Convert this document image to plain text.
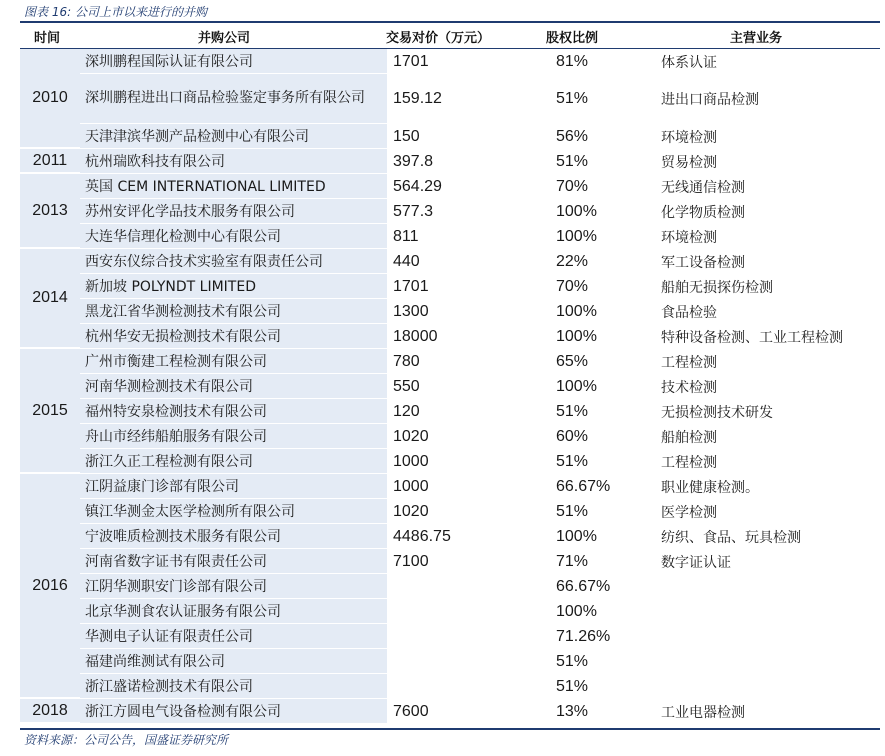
图表 16: 公司上市以来进行的并购
时间	并购公司	交易对价（万元）	股权比例	主营业务
2010	深圳鹏程国际认证有限公司	1701	81%	体系认证
	深圳鹏程进出口商品检验鉴定事务所有限公司	159.12	51%	进出口商品检测
	天津津滨华测产品检测中心有限公司	150	56%	环境检测
2011	杭州瑞欧科技有限公司	397.8	51%	贸易检测
2013	英国 CEM INTERNATIONAL LIMITED	564.29	70%	无线通信检测
	苏州安评化学品技术服务有限公司	577.3	100%	化学物质检测
	大连华信理化检测中心有限公司	811	100%	环境检测
2014	西安东仪综合技术实验室有限责任公司	440	22%	军工设备检测
	新加坡 POLYNDT LIMITED	1701	70%	船舶无损探伤检测
	黑龙江省华测检测技术有限公司	1300	100%	食品检验
	杭州华安无损检测技术有限公司	18000	100%	特种设备检测、工业工程检测
2015	广州市衡建工程检测有限公司	780	65%	工程检测
	河南华测检测技术有限公司	550	100%	技术检测
	福州特安泉检测技术有限公司	120	51%	无损检测技术研发
	舟山市经纬船舶服务有限公司	1020	60%	船舶检测
	浙江久正工程检测有限公司	1000	51%	工程检测
2016	江阴益康门诊部有限公司	1000	66.67%	职业健康检测。
	镇江华测金太医学检测所有限公司	1020	51%	医学检测
	宁波唯质检测技术服务有限公司	4486.75	100%	纺织、食品、玩具检测
	河南省数字证书有限责任公司	7100	71%	数字证认证
	江阴华测职安门诊部有限公司		66.67%	
	北京华测食农认证服务有限公司		100%	
	华测电子认证有限责任公司		71.26%	
	福建尚维测试有限公司		51%	
	浙江盛诺检测技术有限公司		51%	
2018	浙江方圆电气设备检测有限公司	7600	13%	工业电器检测
资料来源：公司公告，国盛证券研究所
